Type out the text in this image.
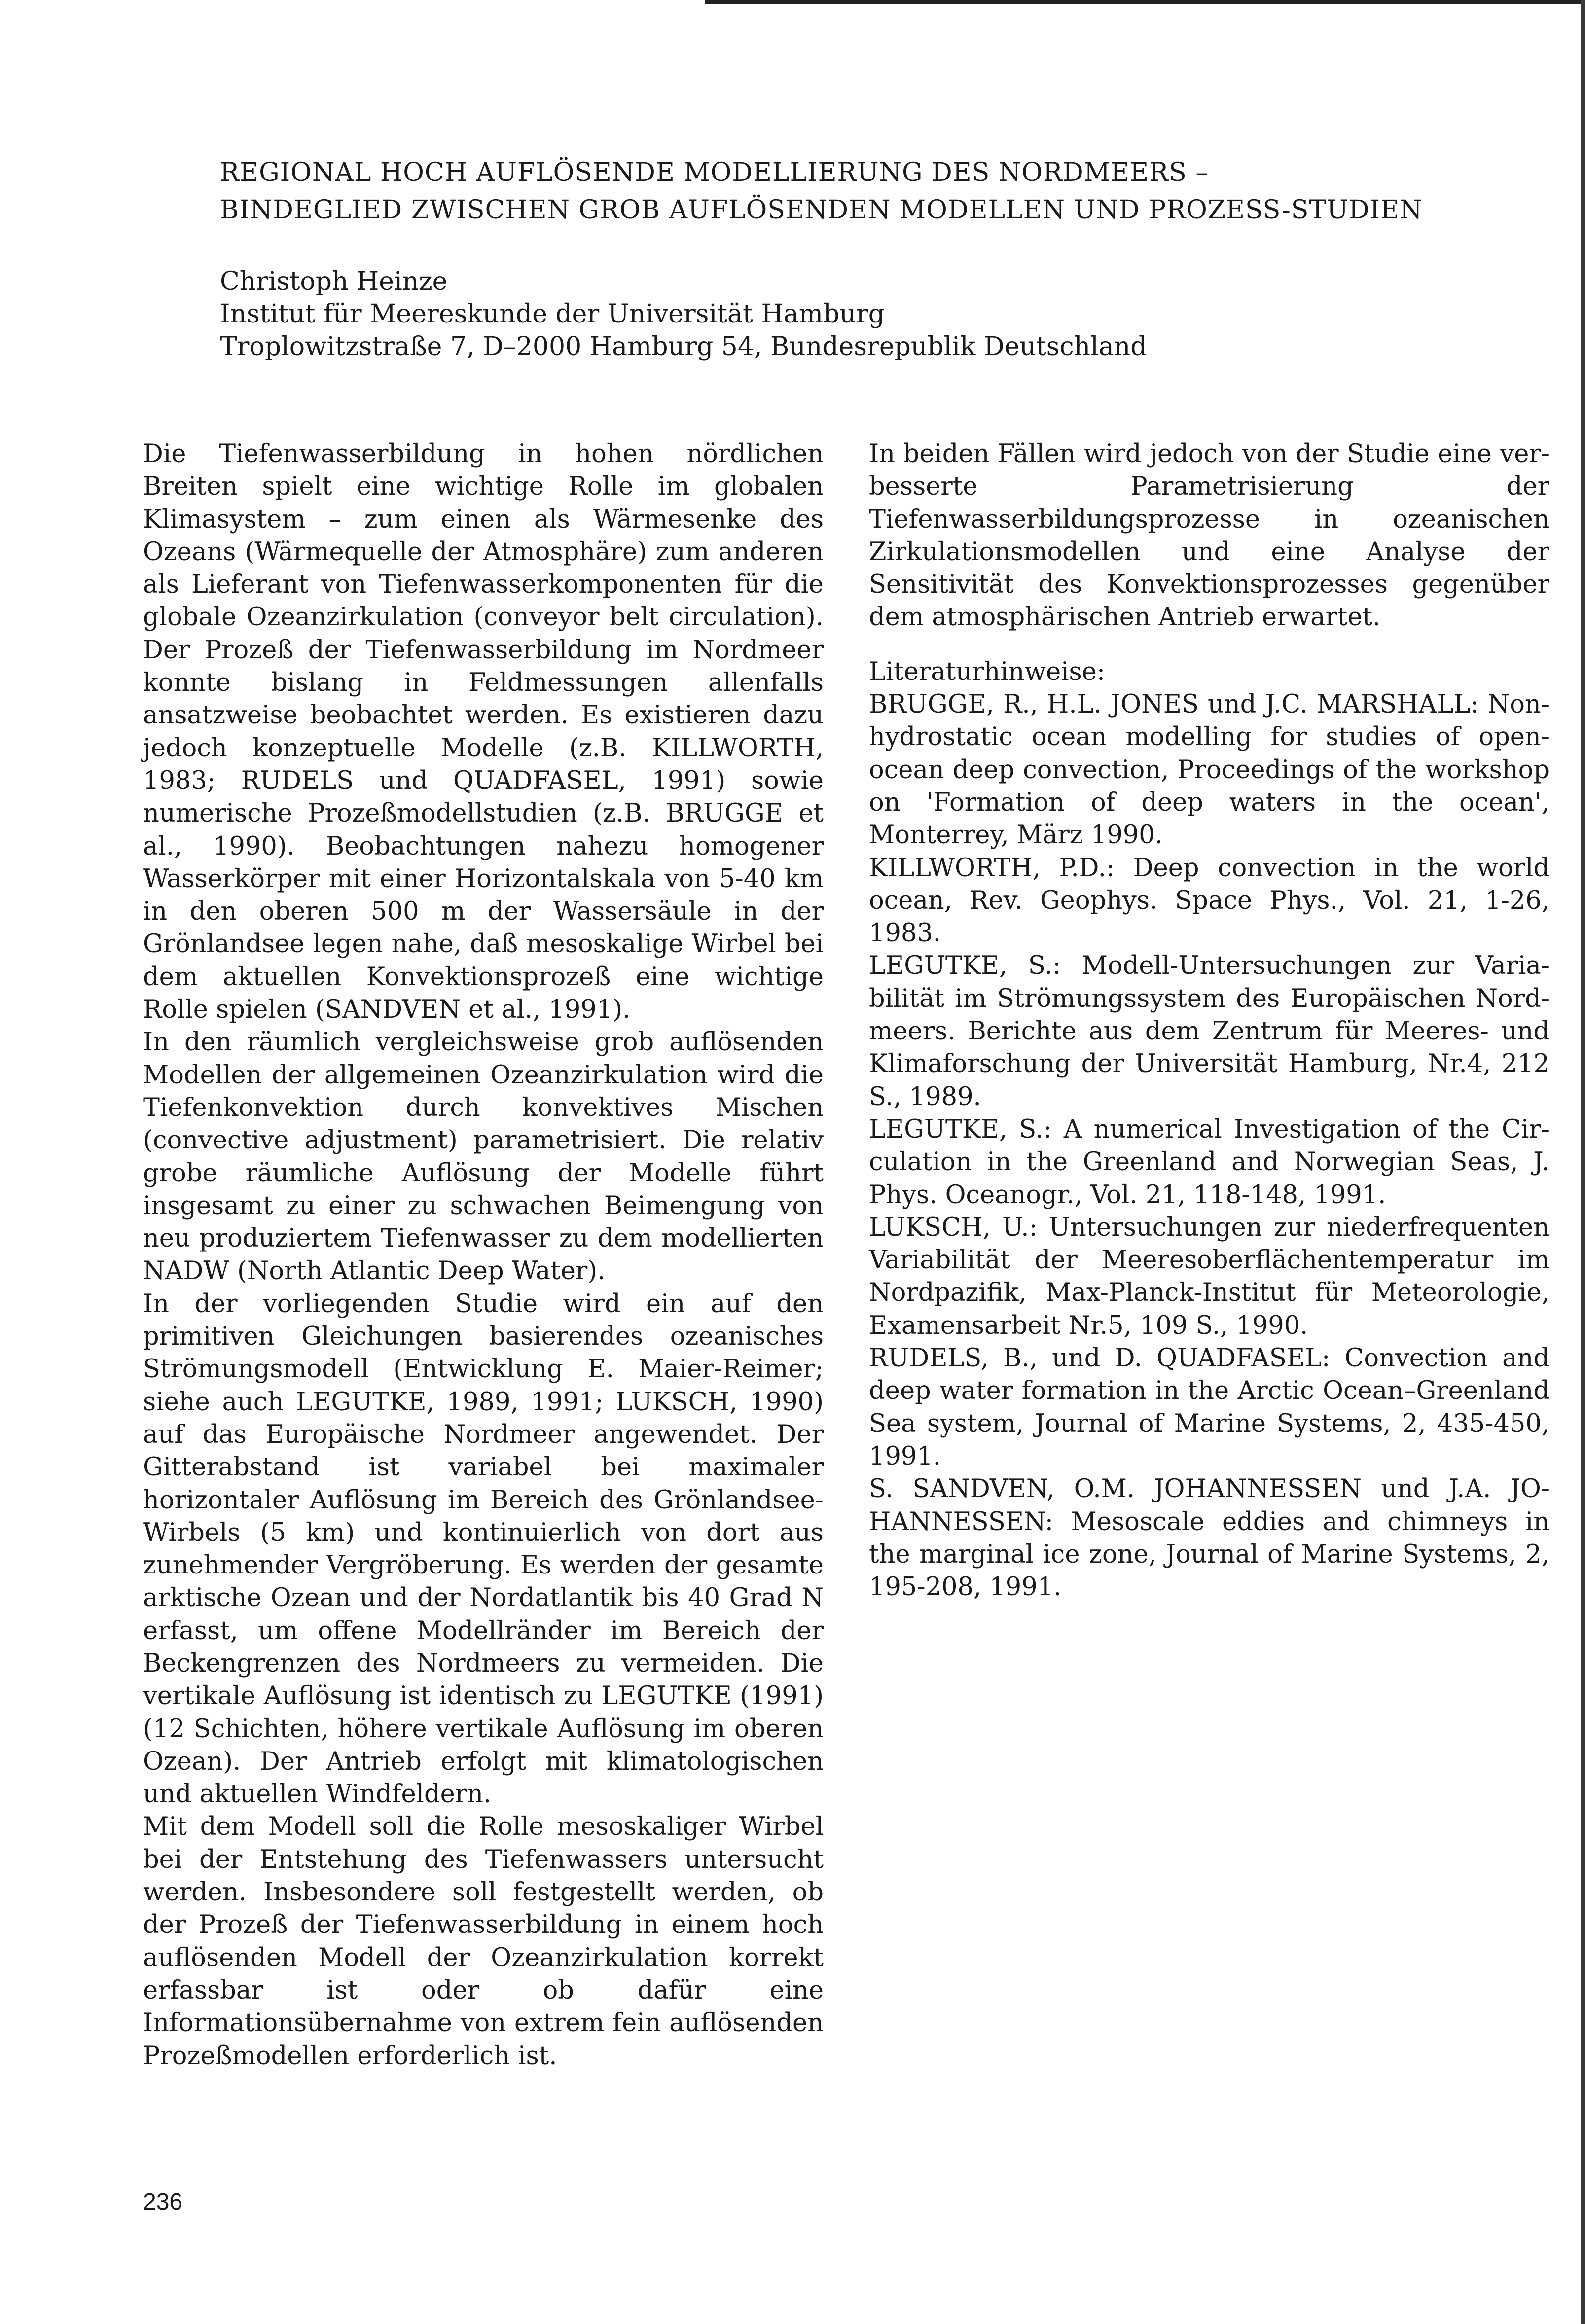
REGIONAL HOCH AUFLÖSENDE MODELLIERUNG DES NORDMEERS –
BINDEGLIED ZWISCHEN GROB AUFLÖSENDEN MODELLEN UND PROZESS-STUDIEN
Christoph Heinze
Institut für Meereskunde der Universität Hamburg
Troplowitzstraße 7, D–2000 Hamburg 54, Bundesrepublik Deutschland

Die Tiefenwasserbildung in hohen nördlichen Breiten spielt eine wichtige Rolle im globalen Klimasystem – zum einen als Wärmesenke des Ozeans (Wärmequelle der Atmosphäre) zum anderen als Lieferant von Tiefenwasserkomponenten für die globale Ozeanzirkulation (conveyor belt circulation). Der Prozeß der Tiefenwasserbildung im Nordmeer konnte bislang in Feldmessungen allenfalls ansatzweise beobachtet werden. Es existieren dazu jedoch konzeptuelle Modelle (z.B. KILLWORTH, 1983; RUDELS und QUADFASEL, 1991) sowie numerische Prozeßmodellstudien (z.B. BRUGGE et al., 1990). Beobachtungen nahezu homogener Wasserkörper mit einer Horizontalskala von 5-40 km in den oberen 500 m der Wassersäule in der Grönlandsee legen nahe, daß mesoskalige Wirbel bei dem aktuellen Konvektionsprozeß eine wichtige Rolle spielen (SANDVEN et al., 1991).

In den räumlich vergleichsweise grob auflösenden Modellen der allgemeinen Ozeanzirkulation wird die Tiefenkonvektion durch konvektives Mischen (convective adjustment) parametrisiert. Die relativ grobe räumliche Auflösung der Modelle führt insgesamt zu einer zu schwachen Beimengung von neu produziertem Tiefenwasser zu dem modellierten NADW (North Atlantic Deep Water).

In der vorliegenden Studie wird ein auf den primitiven Gleichungen basierendes ozeanisches Strömungsmodell (Entwicklung E. Maier-Reimer; siehe auch LEGUTKE, 1989, 1991; LUKSCH, 1990) auf das Europäische Nordmeer angewendet. Der Gitterabstand ist variabel bei maximaler horizontaler Auflösung im Bereich des Grönlandsee-Wirbels (5 km) und kontinuierlich von dort aus zunehmender Vergröberung. Es werden der gesamte arktische Ozean und der Nordatlantik bis 40 Grad N erfasst, um offene Modellränder im Bereich der Beckengrenzen des Nordmeers zu vermeiden. Die vertikale Auflösung ist identisch zu LEGUTKE (1991) (12 Schichten, höhere vertikale Auflösung im oberen Ozean). Der Antrieb erfolgt mit klimatologischen und aktuellen Windfeldern.

Mit dem Modell soll die Rolle mesoskaliger Wirbel bei der Entstehung des Tiefenwassers untersucht werden. Insbesondere soll festgestellt werden, ob der Prozeß der Tiefenwasserbildung in einem hoch auflösenden Modell der Ozeanzirkulation korrekt erfassbar ist oder ob dafür eine Informationsübernahme von extrem fein auflösenden Prozeßmodellen erforderlich ist.

In beiden Fällen wird jedoch von der Studie eine verbesserte Parametrisierung der Tiefenwasserbildungsprozesse in ozeanischen Zirkulationsmodellen und eine Analyse der Sensitivität des Konvektionsprozesses gegenüber dem atmosphärischen Antrieb erwartet.

Literaturhinweise:

BRUGGE, R., H.L. JONES und J.C. MARSHALL: Non-hydrostatic ocean modelling for studies of open-ocean deep convection, Proceedings of the workshop on 'Formation of deep waters in the ocean', Monterrey, März 1990.

KILLWORTH, P.D.: Deep convection in the world ocean, Rev. Geophys. Space Phys., Vol. 21, 1-26, 1983.

LEGUTKE, S.: Modell-Untersuchungen zur Variabilität im Strömungssystem des Europäischen Nordmeers. Berichte aus dem Zentrum für Meeres- und Klimaforschung der Universität Hamburg, Nr.4, 212 S., 1989.

LEGUTKE, S.: A numerical Investigation of the Circulation in the Greenland and Norwegian Seas, J. Phys. Oceanogr., Vol. 21, 118-148, 1991.

LUKSCH, U.: Untersuchungen zur niederfrequenten Variabilität der Meeresoberflächentemperatur im Nordpazifik, Max-Planck-Institut für Meteorologie, Examensarbeit Nr.5, 109 S., 1990.

RUDELS, B., und D. QUADFASEL: Convection and deep water formation in the Arctic Ocean–Greenland Sea system, Journal of Marine Systems, 2, 435-450, 1991.

S. SANDVEN, O.M. JOHANNESSEN und J.A. JOHANNESSEN: Mesoscale eddies and chimneys in the marginal ice zone, Journal of Marine Systems, 2, 195-208, 1991.

236
